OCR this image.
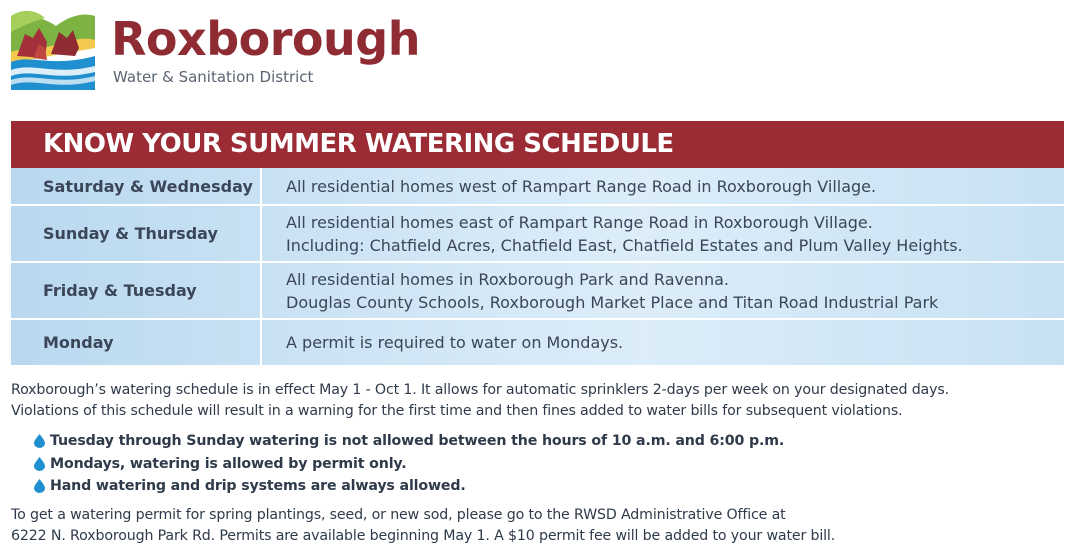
Roxborough
Water & Sanitation District
KNOW YOUR SUMMER WATERING SCHEDULE
Saturday & Wednesday	All residential homes west of Rampart Range Road in Roxborough Village.
Sunday & Thursday
All residential homes east of Rampart Range Road in Roxborough Village.
Including: Chatfield Acres, Chatfield East, Chatfield Estates and Plum Valley Heights.
Friday & Tuesday
All residential homes in Roxborough Park and Ravenna.
Douglas County Schools, Roxborough Market Place and Titan Road Industrial Park
Monday	A permit is required to water on Mondays.
Roxborough’s watering schedule is in effect May 1 - Oct 1. It allows for automatic sprinklers 2-days per week on your designated days.
Violations of this schedule will result in a warning for the first time and then fines added to water bills for subsequent violations.
Tuesday through Sunday watering is not allowed between the hours of 10 a.m. and 6:00 p.m.
Mondays, watering is allowed by permit only.
Hand watering and drip systems are always allowed.
To get a watering permit for spring plantings, seed, or new sod, please go to the RWSD Administrative Office at
6222 N. Roxborough Park Rd. Permits are available beginning May 1. A $10 permit fee will be added to your water bill.
